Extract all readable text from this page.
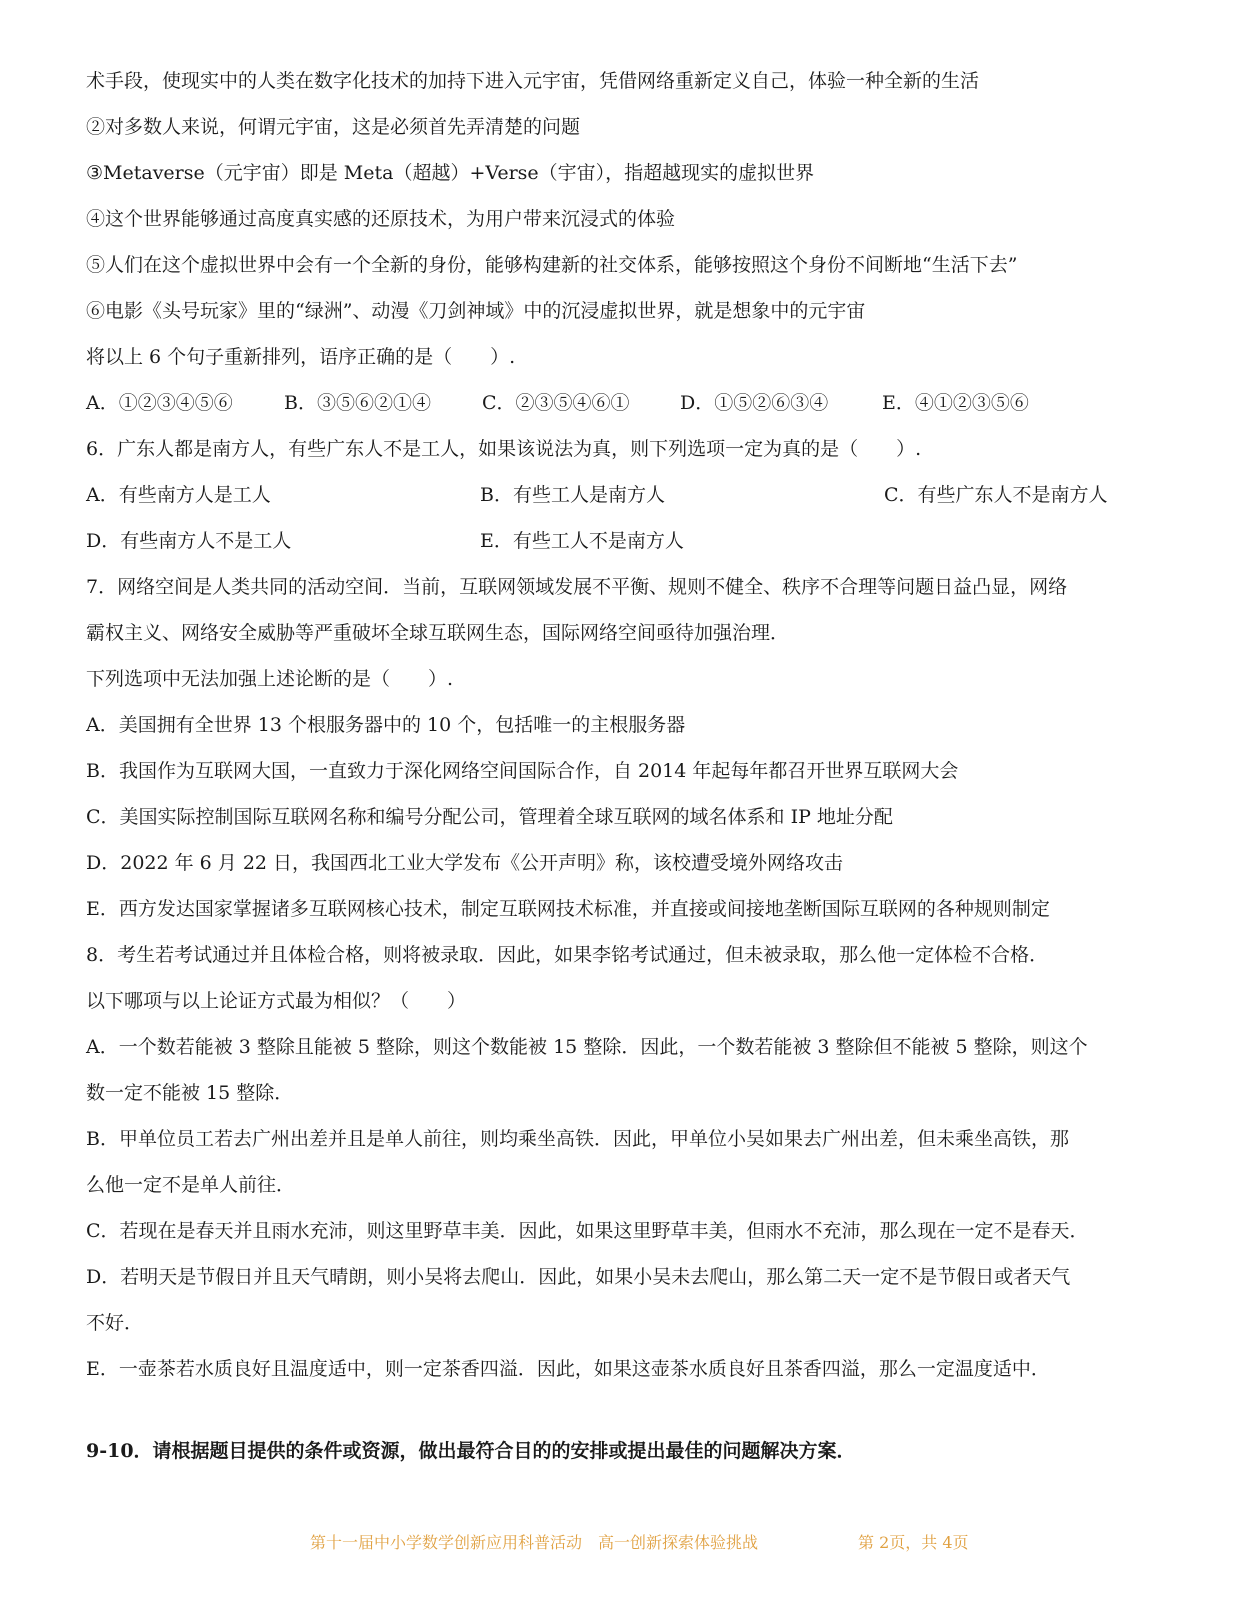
术手段，使现实中的人类在数字化技术的加持下进入元宇宙，凭借网络重新定义自己，体验一种全新的生活
②对多数人来说，何谓元宇宙，这是必须首先弄清楚的问题
③Metaverse（元宇宙）即是 Meta（超越）+Verse（宇宙），指超越现实的虚拟世界
④这个世界能够通过高度真实感的还原技术，为用户带来沉浸式的体验
⑤人们在这个虚拟世界中会有一个全新的身份，能够构建新的社交体系，能够按照这个身份不间断地“生活下去”
⑥电影《头号玩家》里的“绿洲”、动漫《刀剑神域》中的沉浸虚拟世界，就是想象中的元宇宙
将以上 6 个句子重新排列，语序正确的是（　　）.
A．①②③④⑤⑥	B．③⑤⑥②①④	C．②③⑤④⑥①	D．①⑤②⑥③④	E．④①②③⑤⑥
6．广东人都是南方人，有些广东人不是工人，如果该说法为真，则下列选项一定为真的是（　　）.
A．有些南方人是工人	B．有些工人是南方人	C．有些广东人不是南方人
D．有些南方人不是工人	E．有些工人不是南方人
7．网络空间是人类共同的活动空间．当前，互联网领域发展不平衡、规则不健全、秩序不合理等问题日益凸显，网络
霸权主义、网络安全威胁等严重破坏全球互联网生态，国际网络空间亟待加强治理．
下列选项中无法加强上述论断的是（　　）.
A．美国拥有全世界 13 个根服务器中的 10 个，包括唯一的主根服务器
B．我国作为互联网大国，一直致力于深化网络空间国际合作，自 2014 年起每年都召开世界互联网大会
C．美国实际控制国际互联网名称和编号分配公司，管理着全球互联网的域名体系和 IP 地址分配
D．2022 年 6 月 22 日，我国西北工业大学发布《公开声明》称，该校遭受境外网络攻击
E．西方发达国家掌握诸多互联网核心技术，制定互联网技术标准，并直接或间接地垄断国际互联网的各种规则制定
8．考生若考试通过并且体检合格，则将被录取．因此，如果李铭考试通过，但未被录取，那么他一定体检不合格．
以下哪项与以上论证方式最为相似？（　　）
A．一个数若能被 3 整除且能被 5 整除，则这个数能被 15 整除．因此，一个数若能被 3 整除但不能被 5 整除，则这个
数一定不能被 15 整除．
B．甲单位员工若去广州出差并且是单人前往，则均乘坐高铁．因此，甲单位小吴如果去广州出差，但未乘坐高铁，那
么他一定不是单人前往．
C．若现在是春天并且雨水充沛，则这里野草丰美．因此，如果这里野草丰美，但雨水不充沛，那么现在一定不是春天．
D．若明天是节假日并且天气晴朗，则小吴将去爬山．因此，如果小吴未去爬山，那么第二天一定不是节假日或者天气
不好．
E．一壶茶若水质良好且温度适中，则一定茶香四溢．因此，如果这壶茶水质良好且茶香四溢，那么一定温度适中．
9-10．请根据题目提供的条件或资源，做出最符合目的的安排或提出最佳的问题解决方案．
第十一届中小学数学创新应用科普活动　高一创新探索体验挑战	第 2页，共 4页
